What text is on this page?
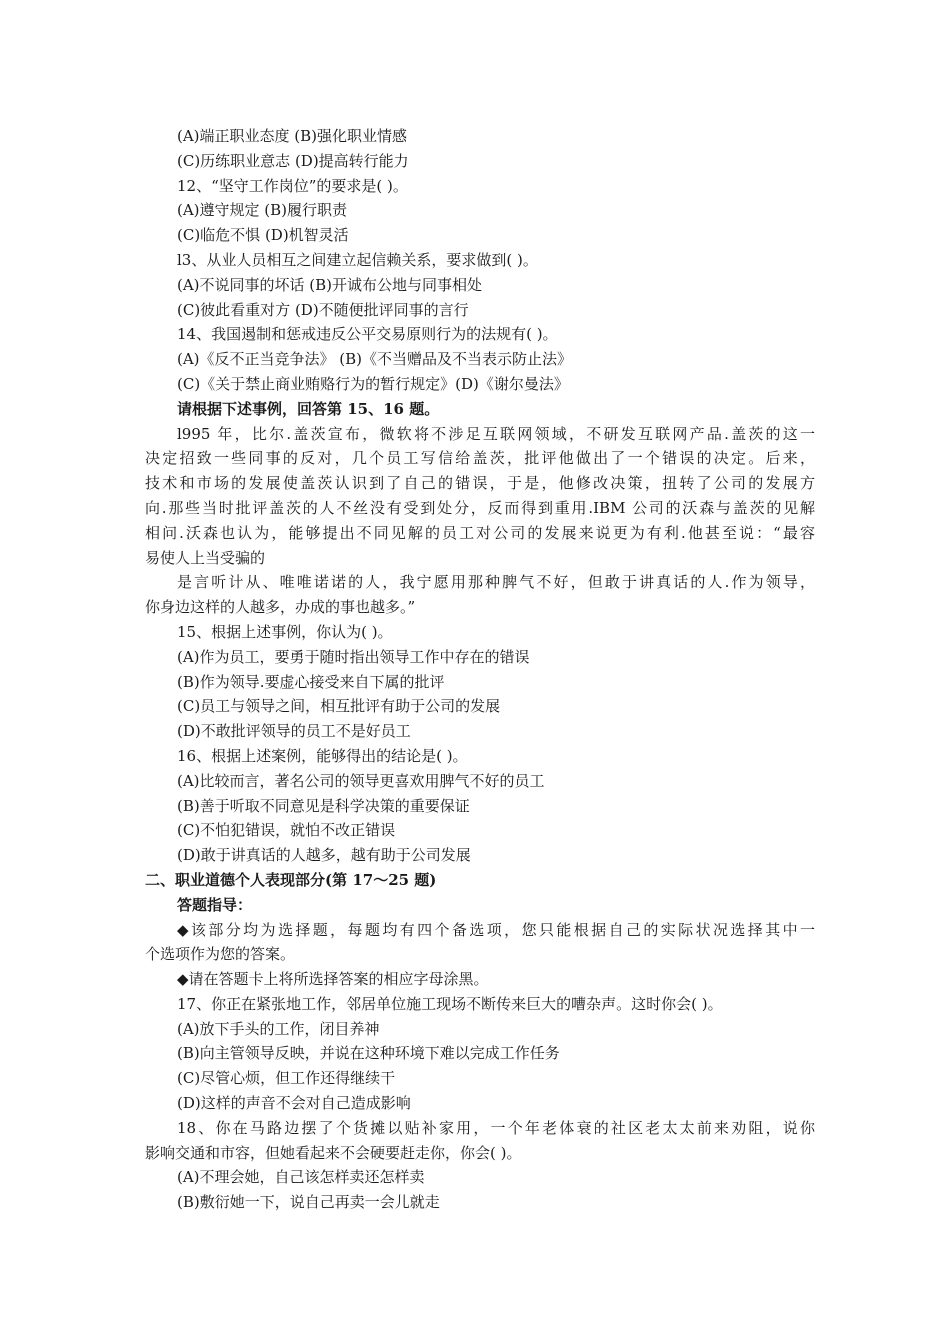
(A)端正职业态度 (B)强化职业情感
(C)历练职业意志 (D)提高转行能力
12、“坚守工作岗位”的要求是( )。
(A)遵守规定 (B)履行职责
(C)临危不惧 (D)机智灵活
l3、从业人员相互之间建立起信赖关系，要求做到( )。
(A)不说同事的坏话 (B)开诚布公地与同事相处
(C)彼此看重对方 (D)不随便批评同事的言行
14、我国遏制和惩戒违反公平交易原则行为的法规有( )。
(A)《反不正当竞争法》 (B)《不当赠品及不当表示防止法》
(C)《关于禁止商业贿赂行为的暂行规定》(D)《谢尔曼法》
请根据下述事例，回答第 15、16 题。
l995 年，比尔.盖茨宣布，微软将不涉足互联网领域，不研发互联网产品.盖茨的这一
决定招致一些同事的反对，几个员工写信给盖茨，批评他做出了一个错误的决定。后来，
技术和市场的发展使盖茨认识到了自己的错误，于是，他修改决策，扭转了公司的发展方
向.那些当时批评盖茨的人不丝没有受到处分，反而得到重用.IBM 公司的沃森与盖茨的见解
相问.沃森也认为，能够提出不同见解的员工对公司的发展来说更为有利.他甚至说：“最容
易使人上当受骗的
是言听计从、唯唯诺诺的人，我宁愿用那种脾气不好，但敢于讲真话的人.作为领导，
你身边这样的人越多，办成的事也越多。”
15、根据上述事例，你认为( )。
(A)作为员工，要勇于随时指出领导工作中存在的错误
(B)作为领导.要虚心接受来自下属的批评
(C)员工与领导之间，相互批评有助于公司的发展
(D)不敢批评领导的员工不是好员工
16、根据上述案例，能够得出的结论是( )。
(A)比较而言，著名公司的领导更喜欢用脾气不好的员工
(B)善于听取不同意见是科学决策的重要保证
(C)不怕犯错误，就怕不改正错误
(D)敢于讲真话的人越多，越有助于公司发展
二、职业道德个人表现部分(第 17～25 题)
答题指导：
◆该部分均为选择题，每题均有四个备选项，您只能根据自己的实际状况选择其中一
个选项作为您的答案。
◆请在答题卡上将所选择答案的相应字母涂黑。
17、你正在紧张地工作，邻居单位施工现场不断传来巨大的嘈杂声。这时你会( )。
(A)放下手头的工作，闭目养神
(B)向主管领导反映，并说在这种环境下难以完成工作任务
(C)尽管心烦，但工作还得继续干
(D)这样的声音不会对自己造成影响
18、你在马路边摆了个货摊以贴补家用，一个年老体衰的社区老太太前来劝阻，说你
影响交通和市容，但她看起来不会硬要赶走你，你会( )。
(A)不理会她，自己该怎样卖还怎样卖
(B)敷衍她一下，说自己再卖一会儿就走
